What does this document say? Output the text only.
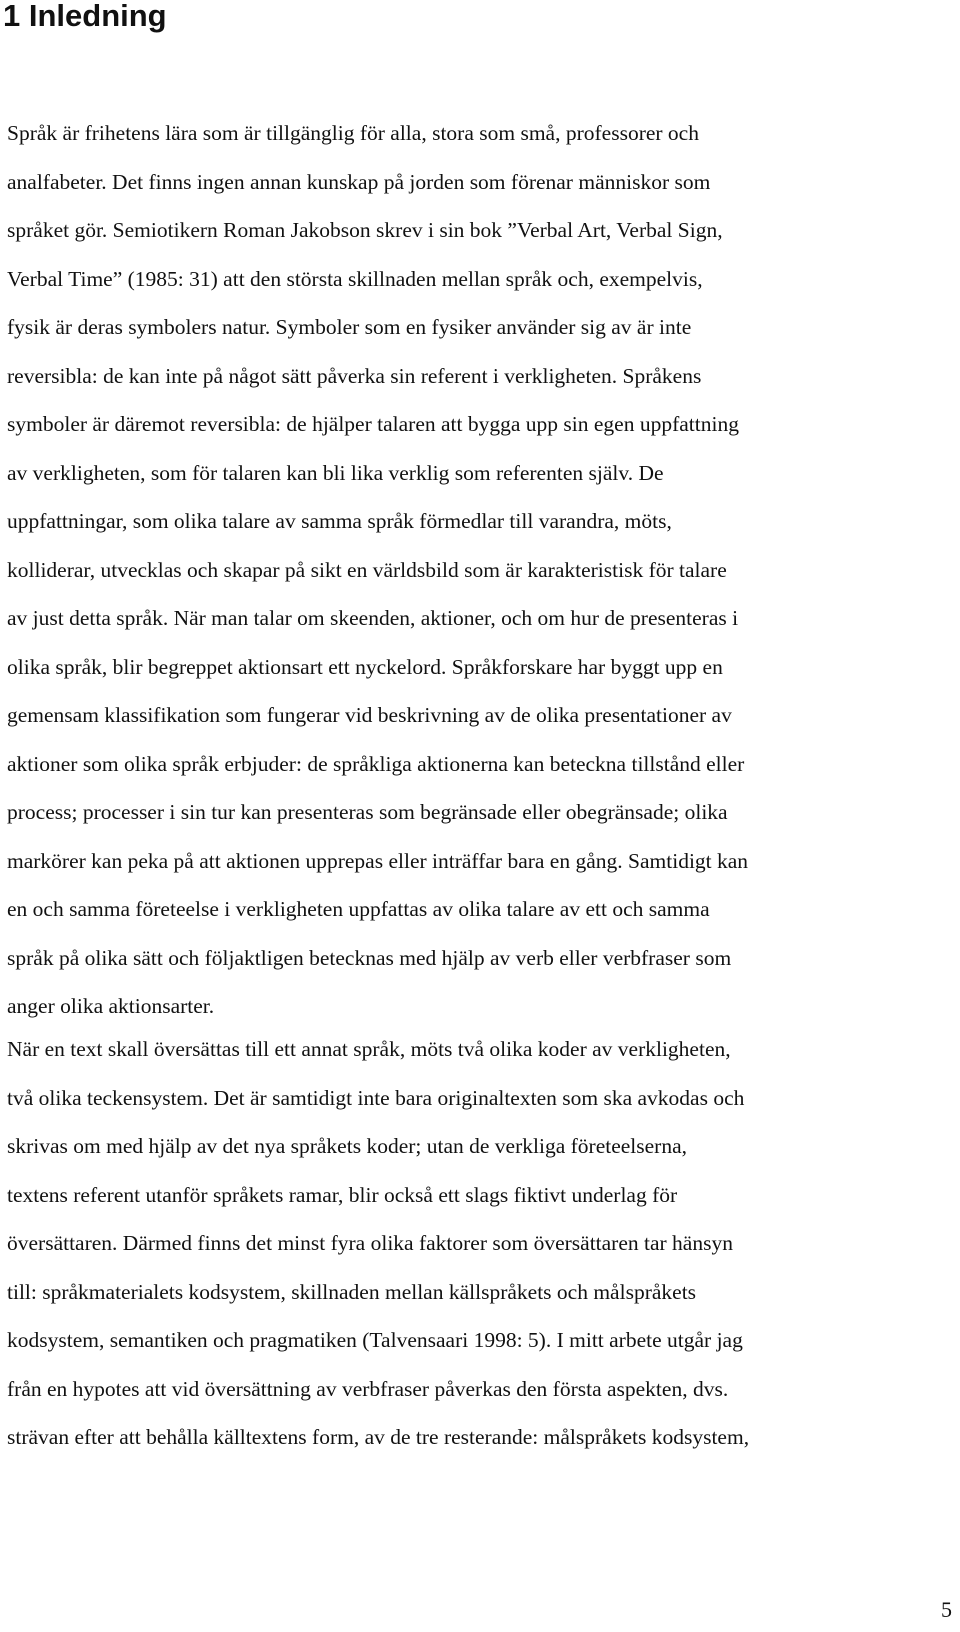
1 Inledning
Språk är frihetens lära som är tillgänglig för alla, stora som små, professorer och
analfabeter. Det finns ingen annan kunskap på jorden som förenar människor som
språket gör. Semiotikern Roman Jakobson skrev i sin bok ”Verbal Art, Verbal Sign,
Verbal Time” (1985: 31) att den största skillnaden mellan språk och, exempelvis,
fysik är deras symbolers natur. Symboler som en fysiker använder sig av är inte
reversibla: de kan inte på något sätt påverka sin referent i verkligheten. Språkens
symboler är däremot reversibla: de hjälper talaren att bygga upp sin egen uppfattning
av verkligheten, som för talaren kan bli lika verklig som referenten själv. De
uppfattningar, som olika talare av samma språk förmedlar till varandra, möts,
kolliderar, utvecklas och skapar på sikt en världsbild som är karakteristisk för talare
av just detta språk. När man talar om skeenden, aktioner, och om hur de presenteras i
olika språk, blir begreppet aktionsart ett nyckelord. Språkforskare har byggt upp en
gemensam klassifikation som fungerar vid beskrivning av de olika presentationer av
aktioner som olika språk erbjuder: de språkliga aktionerna kan beteckna tillstånd eller
process; processer i sin tur kan presenteras som begränsade eller obegränsade; olika
markörer kan peka på att aktionen upprepas eller inträffar bara en gång. Samtidigt kan
en och samma företeelse i verkligheten uppfattas av olika talare av ett och samma
språk på olika sätt och följaktligen betecknas med hjälp av verb eller verbfraser som
anger olika aktionsarter.
När en text skall översättas till ett annat språk, möts två olika koder av verkligheten,
två olika teckensystem. Det är samtidigt inte bara originaltexten som ska avkodas och
skrivas om med hjälp av det nya språkets koder; utan de verkliga företeelserna,
textens referent utanför språkets ramar, blir också ett slags fiktivt underlag för
översättaren. Därmed finns det minst fyra olika faktorer som översättaren tar hänsyn
till: språkmaterialets kodsystem, skillnaden mellan källspråkets och målspråkets
kodsystem, semantiken och pragmatiken (Talvensaari 1998: 5). I mitt arbete utgår jag
från en hypotes att vid översättning av verbfraser påverkas den första aspekten, dvs.
strävan efter att behålla källtextens form, av de tre resterande: målspråkets kodsystem,
5
